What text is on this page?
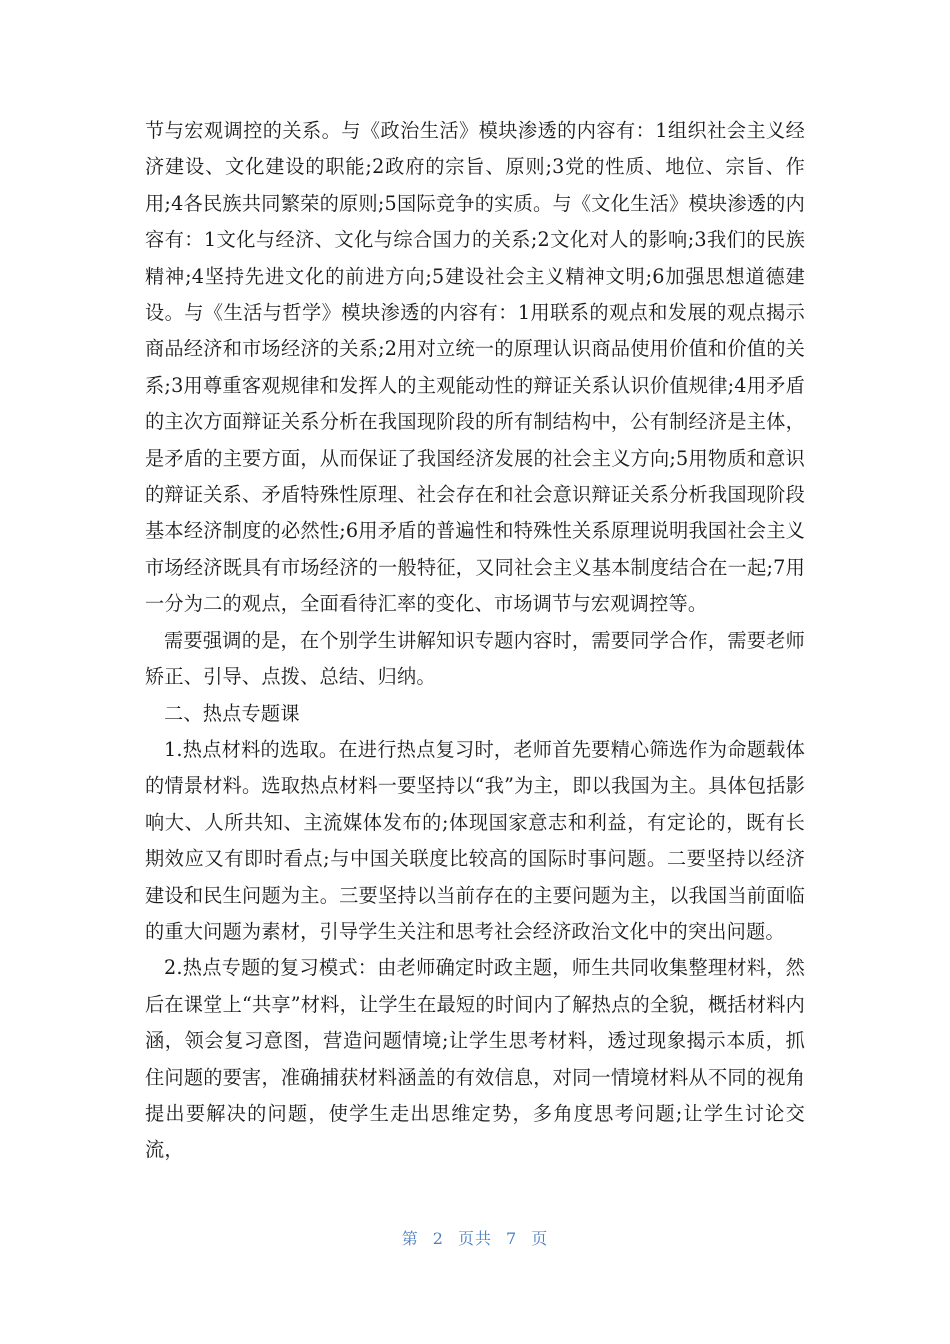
节与宏观调控的关系。与《政治生活》模块渗透的内容有：1组织社会主义经济建设、文化建设的职能;2政府的宗旨、原则;3党的性质、地位、宗旨、作用;4各民族共同繁荣的原则;5国际竞争的实质。与《文化生活》模块渗透的内容有：1文化与经济、文化与综合国力的关系;2文化对人的影响;3我们的民族精神;4坚持先进文化的前进方向;5建设社会主义精神文明;6加强思想道德建设。与《生活与哲学》模块渗透的内容有：1用联系的观点和发展的观点揭示商品经济和市场经济的关系;2用对立统一的原理认识商品使用价值和价值的关系;3用尊重客观规律和发挥人的主观能动性的辩证关系认识价值规律;4用矛盾的主次方面辩证关系分析在我国现阶段的所有制结构中，公有制经济是主体，是矛盾的主要方面，从而保证了我国经济发展的社会主义方向;5用物质和意识的辩证关系、矛盾特殊性原理、社会存在和社会意识辩证关系分析我国现阶段基本经济制度的必然性;6用矛盾的普遍性和特殊性关系原理说明我国社会主义市场经济既具有市场经济的一般特征，又同社会主义基本制度结合在一起;7用一分为二的观点，全面看待汇率的变化、市场调节与宏观调控等。

需要强调的是，在个别学生讲解知识专题内容时，需要同学合作，需要老师矫正、引导、点拨、总结、归纳。

二、热点专题课

1.热点材料的选取。在进行热点复习时，老师首先要精心筛选作为命题载体的情景材料。选取热点材料一要坚持以“我”为主，即以我国为主。具体包括影响大、人所共知、主流媒体发布的;体现国家意志和利益，有定论的，既有长期效应又有即时看点;与中国关联度比较高的国际时事问题。二要坚持以经济建设和民生问题为主。三要坚持以当前存在的主要问题为主，以我国当前面临的重大问题为素材，引导学生关注和思考社会经济政治文化中的突出问题。

2.热点专题的复习模式：由老师确定时政主题，师生共同收集整理材料，然后在课堂上“共享”材料，让学生在最短的时间内了解热点的全貌，概括材料内涵，领会复习意图，营造问题情境;让学生思考材料，透过现象揭示本质，抓住问题的要害，准确捕获材料涵盖的有效信息，对同一情境材料从不同的视角提出要解决的问题，使学生走出思维定势，多角度思考问题;让学生讨论交流，

第 2 页共 7 页
